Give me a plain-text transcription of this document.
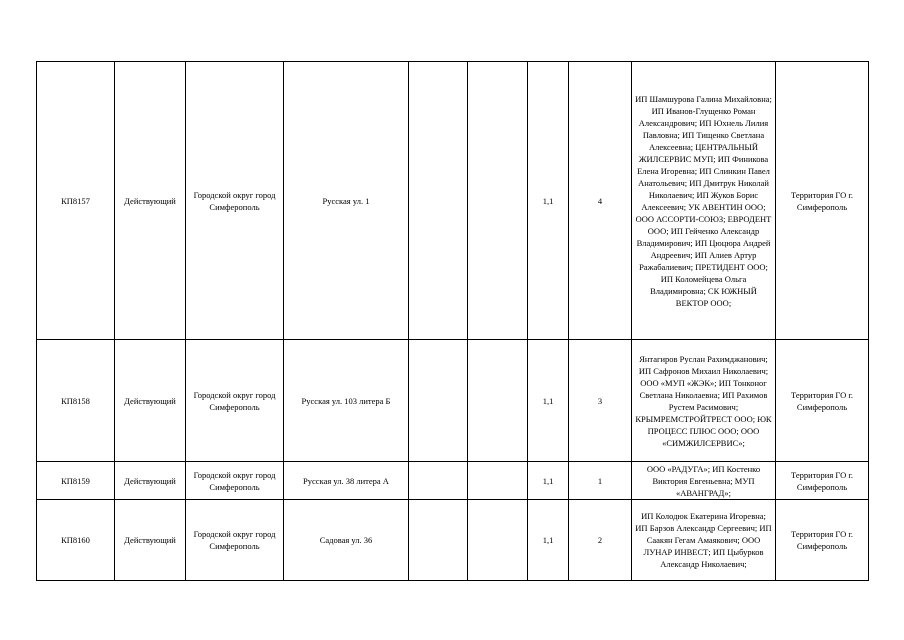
КП8157	Действующий	Городской округ город Симферополь	Русская ул. 1			1,1	4	ИП Шамшурова Галина Михайловна; ИП Иванов-Глущенко Роман Александрович; ИП Юхнель Лилия Павловна; ИП Тищенко Светлана Алексеевна; ЦЕНТРАЛЬНЫЙ ЖИЛСЕРВИС МУП; ИП Финикова Елена Игоревна; ИП Слинкин Павел Анатольевич; ИП Дмитрук Николай Николаевич; ИП Жуков Борис Алексеевич; УК АВЕНТИН ООО; ООО АССОРТИ-СОЮЗ; ЕВРОДЕНТ ООО; ИП Гейченко Александр Владимирович; ИП Цюцюра Андрей Андреевич; ИП Алиев Артур Ражабалиевич; ПРЕТИДЕНТ ООО; ИП Коломейцева Ольга Владимировна; СК ЮЖНЫЙ ВЕКТОР ООО;	Территория ГО г. Симферополь
КП8158	Действующий	Городской округ город Симферополь	Русская ул. 103 литера Б			1,1	3	Янтагиров Руслан Рахимджанович; ИП Сафронов Михаил Николаевич; ООО «МУП «ЖЭК»; ИП Тонконог Светлана Николаевна; ИП Рахимов Рустем Расимович; КРЫМРЕМСТРОЙТРЕСТ ООО; ЮК ПРОЦЕСС ПЛЮС ООО; ООО «СИМЖИЛСЕРВИС»;	Территория ГО г. Симферополь
КП8159	Действующий	Городской округ город Симферополь	Русская ул. 38 литера А			1,1	1	ООО «РАДУГА»; ИП Костенко Виктория Евгеньевна; МУП «АВАНГРАД»;	Территория ГО г. Симферополь
КП8160	Действующий	Городской округ город Симферополь	Садовая ул. 36			1,1	2	ИП Колодюк Екатерина Игоревна; ИП Барзов Александр Сергеевич; ИП Саакян Гегам Амаякович; ООО ЛУНАР ИНВЕСТ; ИП Цыбурков Александр Николаевич;	Территория ГО г. Симферополь
